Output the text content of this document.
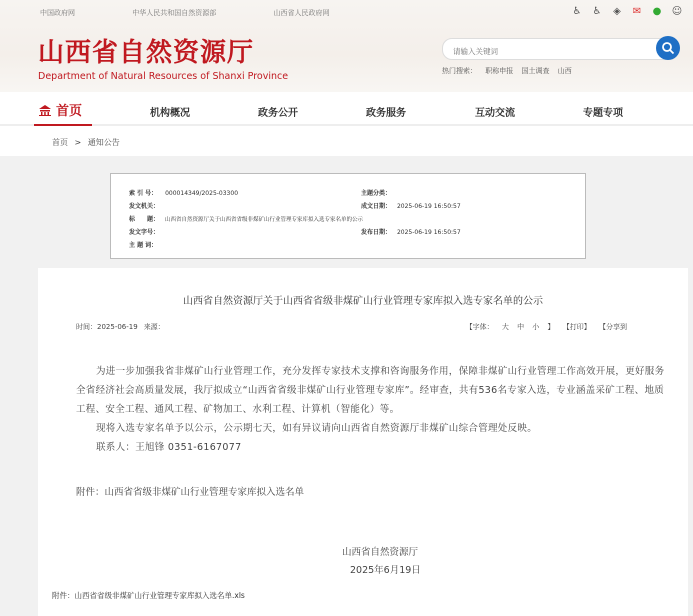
中国政府网	中华人民共和国自然资源部	山西省人民政府网	♿ ♿ ◈ ✉ ● ☺
山西省自然资源厅
Department of Natural Resources of Shanxi Province
请输入关键词	热门搜索： 职称申报 国土调查 山西
首页	机构概况	政务公开	政务服务	互动交流	专题专项
首页 > 通知公告
索 引 号： 000014349/2025-03300	主题分类：
发文机关：	成文日期： 2025-06-19 16:50:57
标　　题： 山西省自然资源厅关于山西省省级非煤矿山行业管理专家库拟入选专家名单的公示
发文字号：	发布日期： 2025-06-19 16:50:57
主 题 词：
山西省自然资源厅关于山西省省级非煤矿山行业管理专家库拟入选专家名单的公示
时间：2025-06-19 来源：	【字体： 大 中 小 】 【打印】 【分享到

为进一步加强我省非煤矿山行业管理工作，充分发挥专家技术支撑和咨询服务作用，保障非煤矿山行业管理工作高效开展，更好服务全省经济社会高质量发展，我厅拟成立“山西省省级非煤矿山行业管理专家库”。经审查，共有536名专家入选，专业涵盖采矿工程、地质工程、安全工程、通风工程、矿物加工、水利工程、计算机（智能化）等。

现将入选专家名单予以公示，公示期七天，如有异议请向山西省自然资源厅非煤矿山综合管理处反映。

联系人：王旭锋 0351-6167077

附件：山西省省级非煤矿山行业管理专家库拟入选名单
山西省自然资源厅
2025年6月19日
附件：山西省省级非煤矿山行业管理专家库拟入选名单.xls
